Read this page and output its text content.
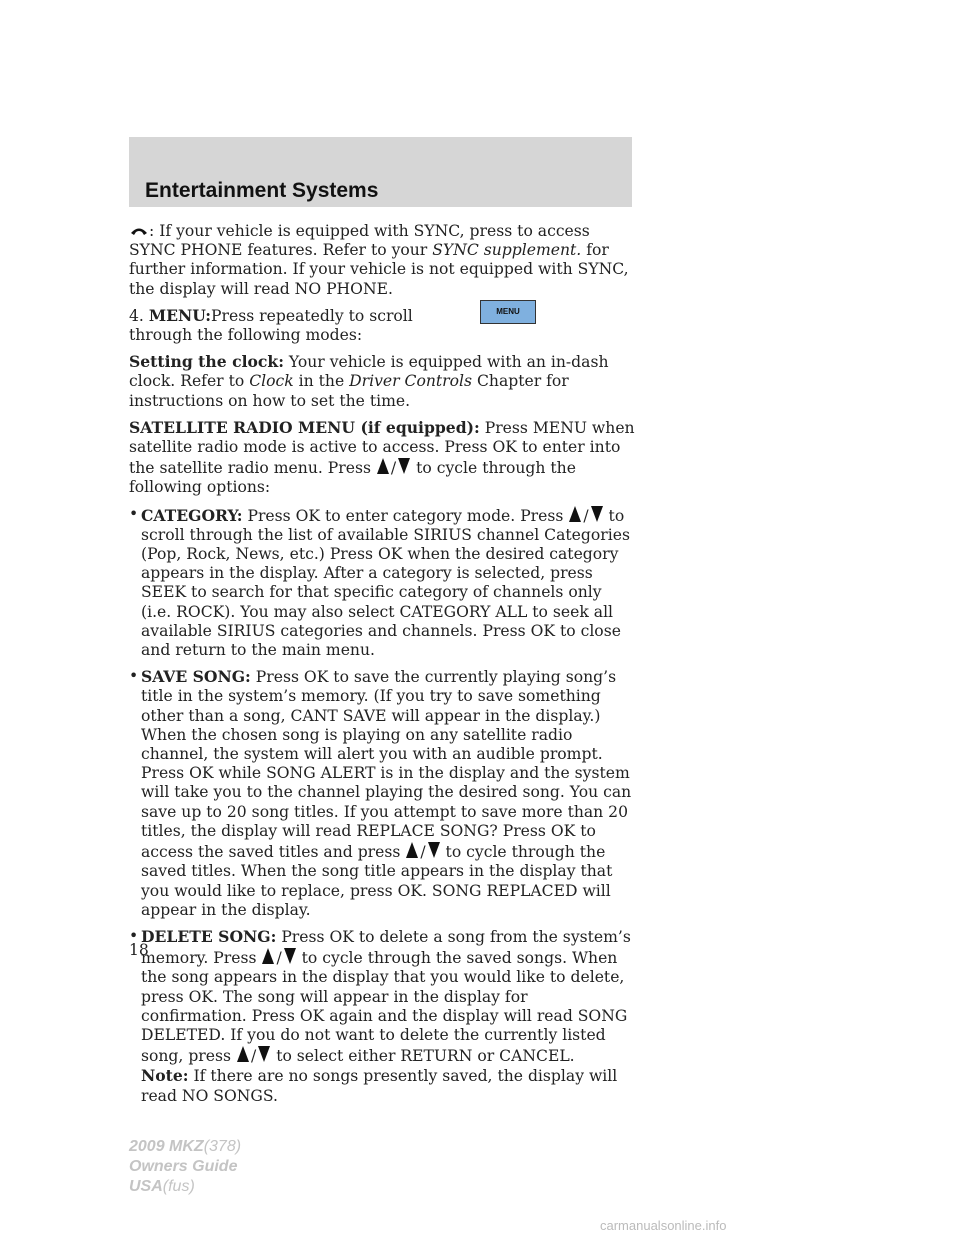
Entertainment Systems
MENU

: If your vehicle is equipped with SYNC, press to access SYNC PHONE features. Refer to your SYNC supplement. for further information. If your vehicle is not equipped with SYNC, the display will read NO PHONE.

4. MENU:Press repeatedly to scroll through the following modes:

Setting the clock: Your vehicle is equipped with an in-dash clock. Refer to Clock in the Driver Controls Chapter for instructions on how to set the time.

SATELLITE RADIO MENU (if equipped): Press MENU when satellite radio mode is active to access. Press OK to enter into the satellite radio menu. Press / to cycle through the following options:

• CATEGORY: Press OK to enter category mode. Press / to scroll through the list of available SIRIUS channel Categories (Pop, Rock, News, etc.) Press OK when the desired category appears in the display. After a category is selected, press SEEK to search for that specific category of channels only (i.e. ROCK). You may also select CATEGORY ALL to seek all available SIRIUS categories and channels. Press OK to close and return to the main menu.
• SAVE SONG: Press OK to save the currently playing song’s title in the system’s memory. (If you try to save something other than a song, CANT SAVE will appear in the display.) When the chosen song is playing on any satellite radio channel, the system will alert you with an audible prompt. Press OK while SONG ALERT is in the display and the system will take you to the channel playing the desired song. You can save up to 20 song titles. If you attempt to save more than 20 titles, the display will read REPLACE SONG? Press OK to access the saved titles and press / to cycle through the saved titles. When the song title appears in the display that you would like to replace, press OK. SONG REPLACED will appear in the display.
• DELETE SONG: Press OK to delete a song from the system’s memory. Press / to cycle through the saved songs. When the song appears in the display that you would like to delete, press OK. The song will appear in the display for confirmation. Press OK again and the display will read SONG DELETED. If you do not want to delete the currently listed song, press / to select either RETURN or CANCEL.
Note: If there are no songs presently saved, the display will read NO SONGS.
18
2009 MKZ(378)
Owners Guide
USA(fus)
carmanualsonline.info
